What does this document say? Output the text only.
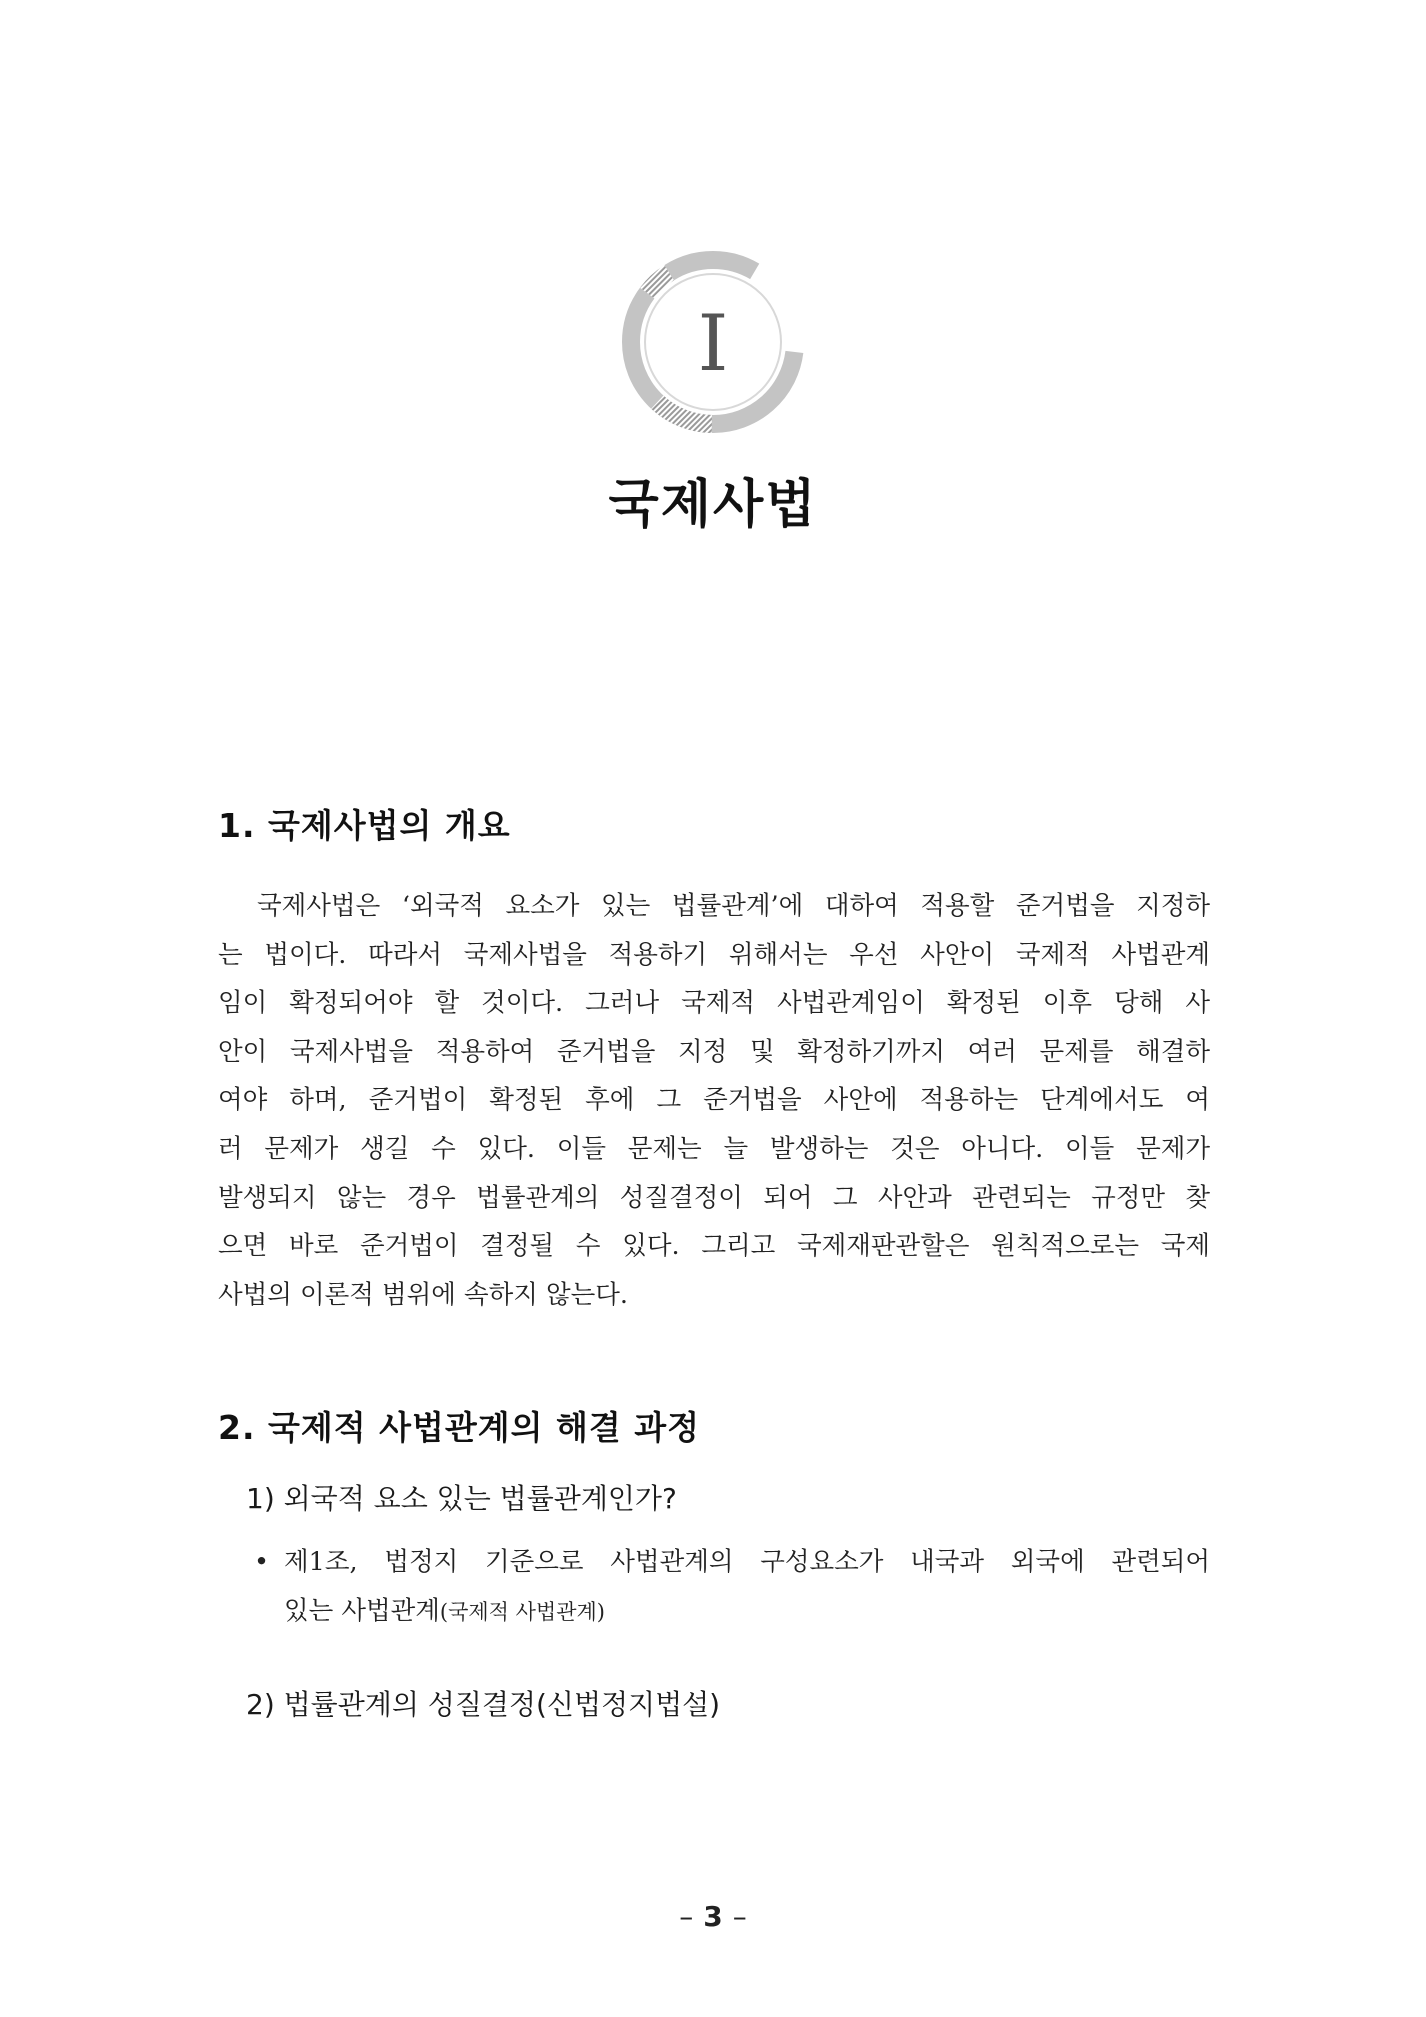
I
국제사법
1. 국제사법의 개요
　국제사법은 ‘외국적 요소가 있는 법률관계’에 대하여 적용할 준거법을 지정하
는 법이다. 따라서 국제사법을 적용하기 위해서는 우선 사안이 국제적 사법관계
임이 확정되어야 할 것이다. 그러나 국제적 사법관계임이 확정된 이후 당해 사
안이 국제사법을 적용하여 준거법을 지정 및 확정하기까지 여러 문제를 해결하
여야 하며, 준거법이 확정된 후에 그 준거법을 사안에 적용하는 단계에서도 여
러 문제가 생길 수 있다. 이들 문제는 늘 발생하는 것은 아니다. 이들 문제가
발생되지 않는 경우 법률관계의 성질결정이 되어 그 사안과 관련되는 규정만 찾
으면 바로 준거법이 결정될 수 있다. 그리고 국제재판관할은 원칙적으로는 국제
사법의 이론적 범위에 속하지 않는다.
2. 국제적 사법관계의 해결 과정
1) 외국적 요소 있는 법률관계인가?
• 제1조, 법정지 기준으로 사법관계의 구성요소가 내국과 외국에 관련되어
있는 사법관계(국제적 사법관계)
2) 법률관계의 성질결정(신법정지법설)
– 3 –
